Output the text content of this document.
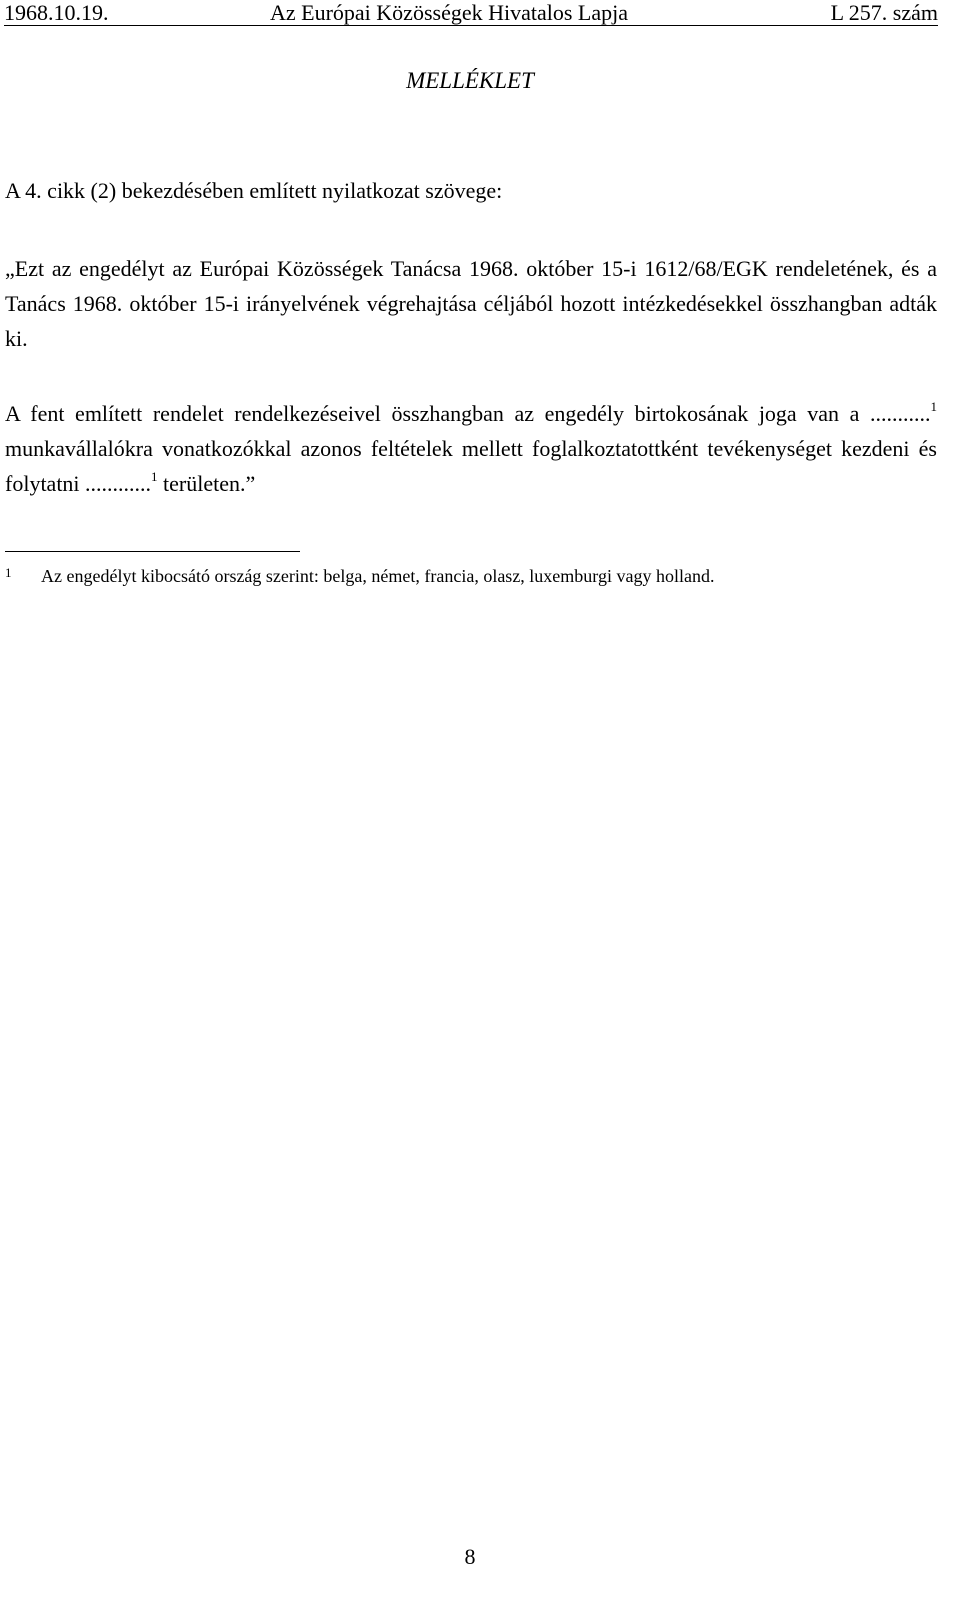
1968.10.19.	Az Európai Közösségek Hivatalos Lapja	L 257. szám
MELLÉKLET
A 4. cikk (2) bekezdésében említett nyilatkozat szövege:
„Ezt az engedélyt az Európai Közösségek Tanácsa 1968. október 15-i 1612/68/EGK rendeletének, és a Tanács 1968. október 15-i irányelvének végrehajtása céljából hozott intézkedésekkel összhangban adták ki.
A fent említett rendelet rendelkezéseivel összhangban az engedély birtokosának joga van a ...........$^1$ munkavállalókra vonatkozókkal azonos feltételek mellett foglalkoztatottként tevékenységet kezdeni és folytatni ............$^1$ területen.”
1 Az engedélyt kibocsátó ország szerint: belga, német, francia, olasz, luxemburgi vagy holland.
8
